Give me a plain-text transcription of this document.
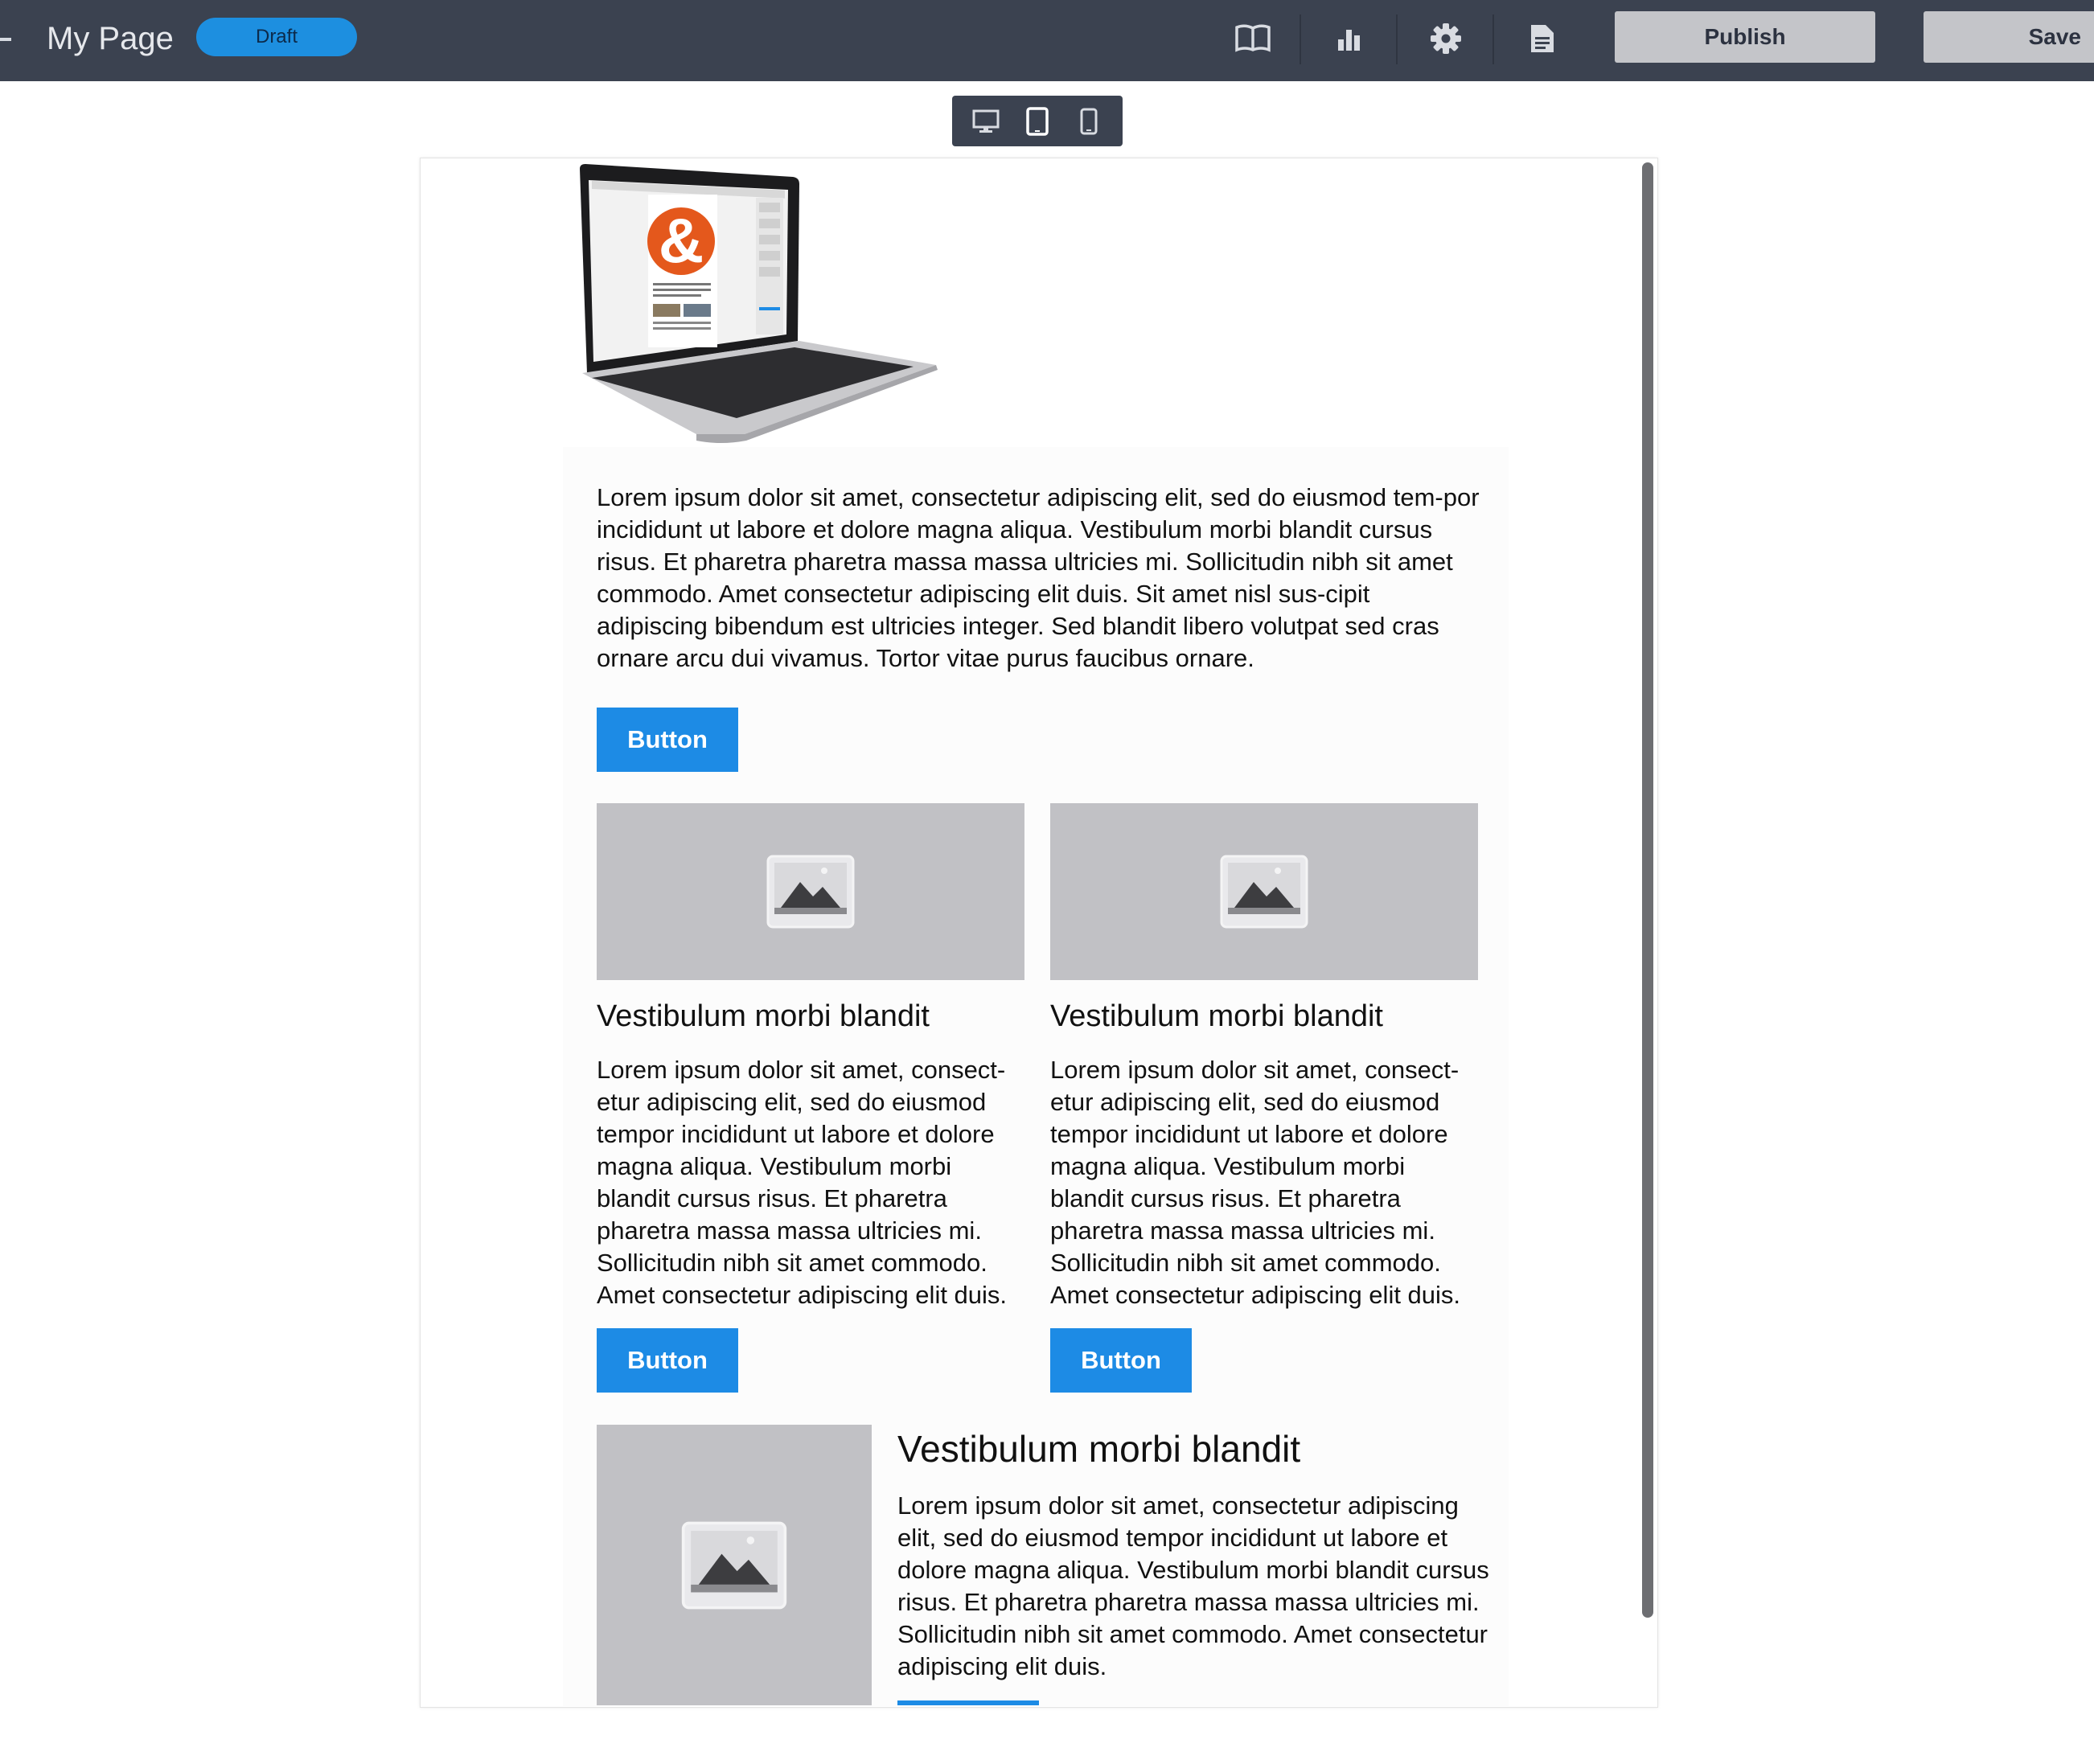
My Page	Draft	Publish	Save
&
Lorem ipsum dolor sit amet, consectetur adipiscing elit, sed do eiusmod tem-por incididunt ut labore et dolore magna aliqua. Vestibulum morbi blandit cursus risus. Et pharetra pharetra massa massa ultricies mi. Sollicitudin nibh sit amet commodo. Amet consectetur adipiscing elit duis. Sit amet nisl sus-cipit adipiscing bibendum est ultricies integer. Sed blandit libero volutpat sed cras ornare arcu dui vivamus. Tortor vitae purus faucibus ornare.
Button
Vestibulum morbi blandit
Lorem ipsum dolor sit amet, consect-etur adipiscing elit, sed do eiusmod tempor incididunt ut labore et dolore magna aliqua. Vestibulum morbi blandit cursus risus. Et pharetra pharetra massa massa ultricies mi. Sollicitudin nibh sit amet commodo. Amet consectetur adipiscing elit duis.
Button
Vestibulum morbi blandit
Lorem ipsum dolor sit amet, consect-etur adipiscing elit, sed do eiusmod tempor incididunt ut labore et dolore magna aliqua. Vestibulum morbi blandit cursus risus. Et pharetra pharetra massa massa ultricies mi. Sollicitudin nibh sit amet commodo. Amet consectetur adipiscing elit duis.
Button
Vestibulum morbi blandit
Lorem ipsum dolor sit amet, consectetur adipiscing elit, sed do eiusmod tempor incididunt ut labore et dolore magna aliqua. Vestibulum morbi blandit cursus risus. Et pharetra pharetra massa massa ultricies mi. Sollicitudin nibh sit amet commodo. Amet consectetur adipiscing elit duis.
